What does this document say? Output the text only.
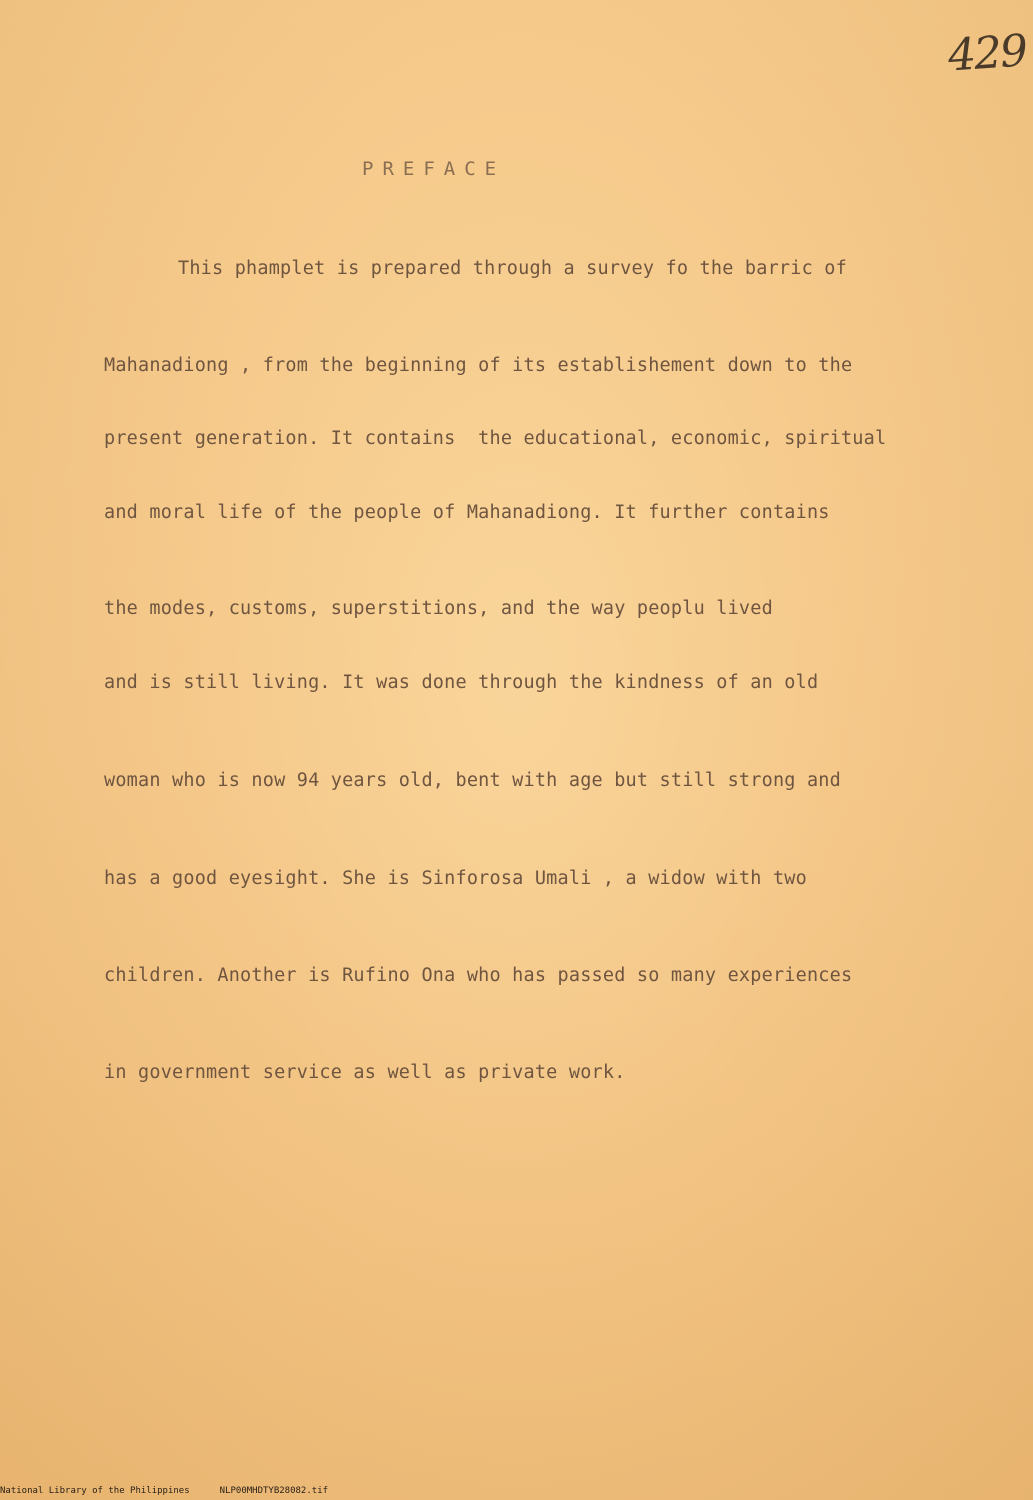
429
PREFACE
This phamplet is prepared through a survey fo the barric of
Mahanadiong , from the beginning of its establishement down to the
present generation. It contains  the educational, economic, spiritual
and moral life of the people of Mahanadiong. It further contains
the modes, customs, superstitions, and the way peoplu lived
and is still living. It was done through the kindness of an old
woman who is now 94 years old, bent with age but still strong and
has a good eyesight. She is Sinforosa Umali , a widow with two
children. Another is Rufino Ona who has passed so many experiences
in government service as well as private work.
National Library of the Philippines	NLP00MHDTYB28082.tif
